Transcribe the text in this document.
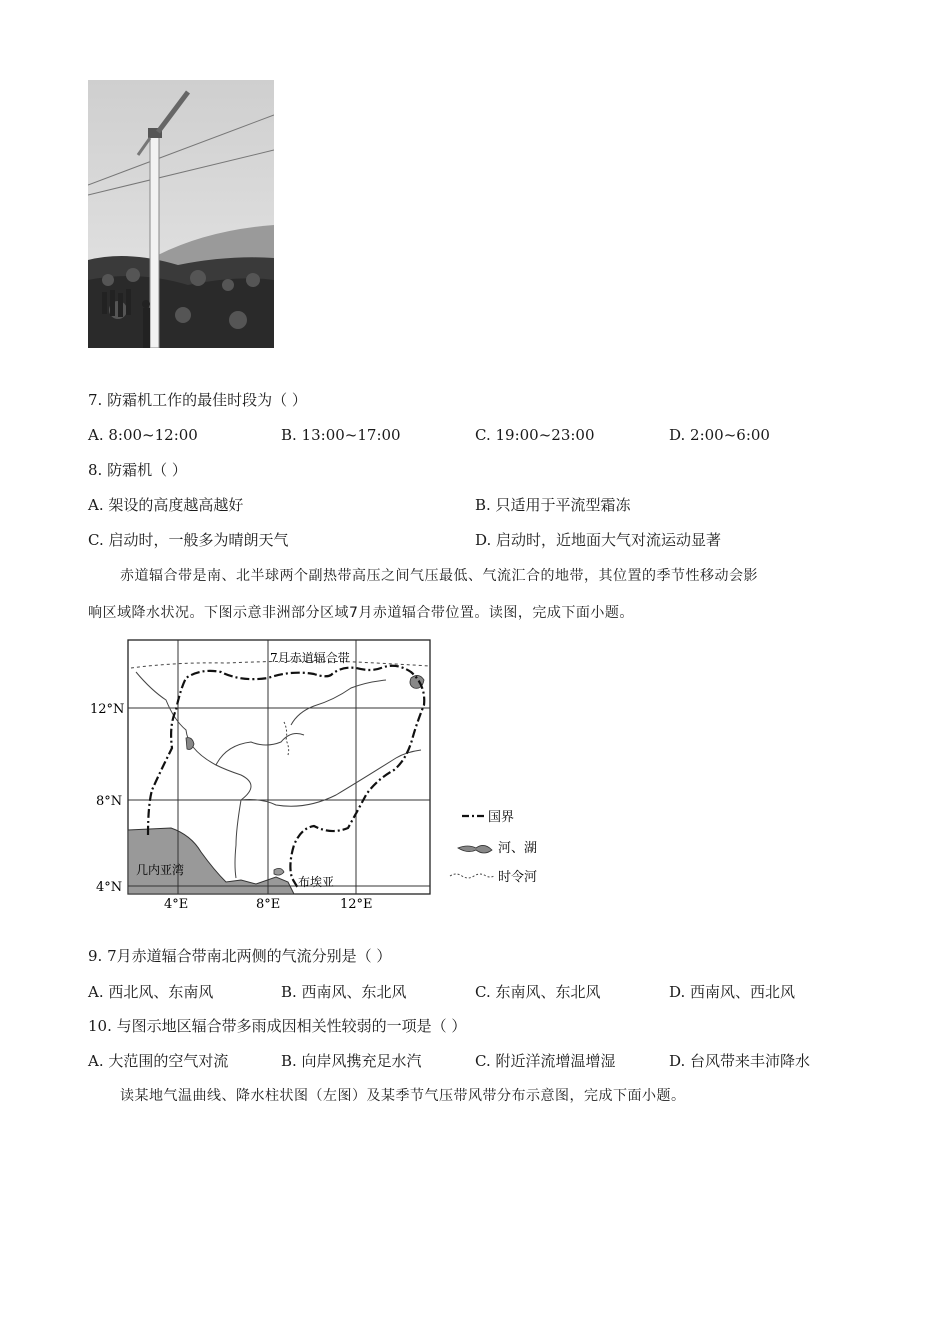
7. 防霜机工作的最佳时段为（ ）
A. 8:00~12:00	B. 13:00~17:00	C. 19:00~23:00	D. 2:00~6:00
8. 防霜机（ ）
A. 架设的高度越高越好	B. 只适用于平流型霜冻
C. 启动时，一般多为晴朗天气	D. 启动时，近地面大气对流运动显著
赤道辐合带是南、北半球两个副热带高压之间气压最低、气流汇合的地带，其位置的季节性移动会影
响区域降水状况。下图示意非洲部分区域7月赤道辐合带位置。读图，完成下面小题。
12°N
8°N
4°N
4°E	8°E	12°E
7月赤道辐合带
几内亚湾
布埃亚
国界
河、湖
时令河
9. 7月赤道辐合带南北两侧的气流分别是（ ）
A. 西北风、东南风	B. 西南风、东北风	C. 东南风、东北风	D. 西南风、西北风
10. 与图示地区辐合带多雨成因相关性较弱的一项是（ ）
A. 大范围的空气对流	B. 向岸风携充足水汽	C. 附近洋流增温增湿	D. 台风带来丰沛降水
读某地气温曲线、降水柱状图（左图）及某季节气压带风带分布示意图，完成下面小题。
